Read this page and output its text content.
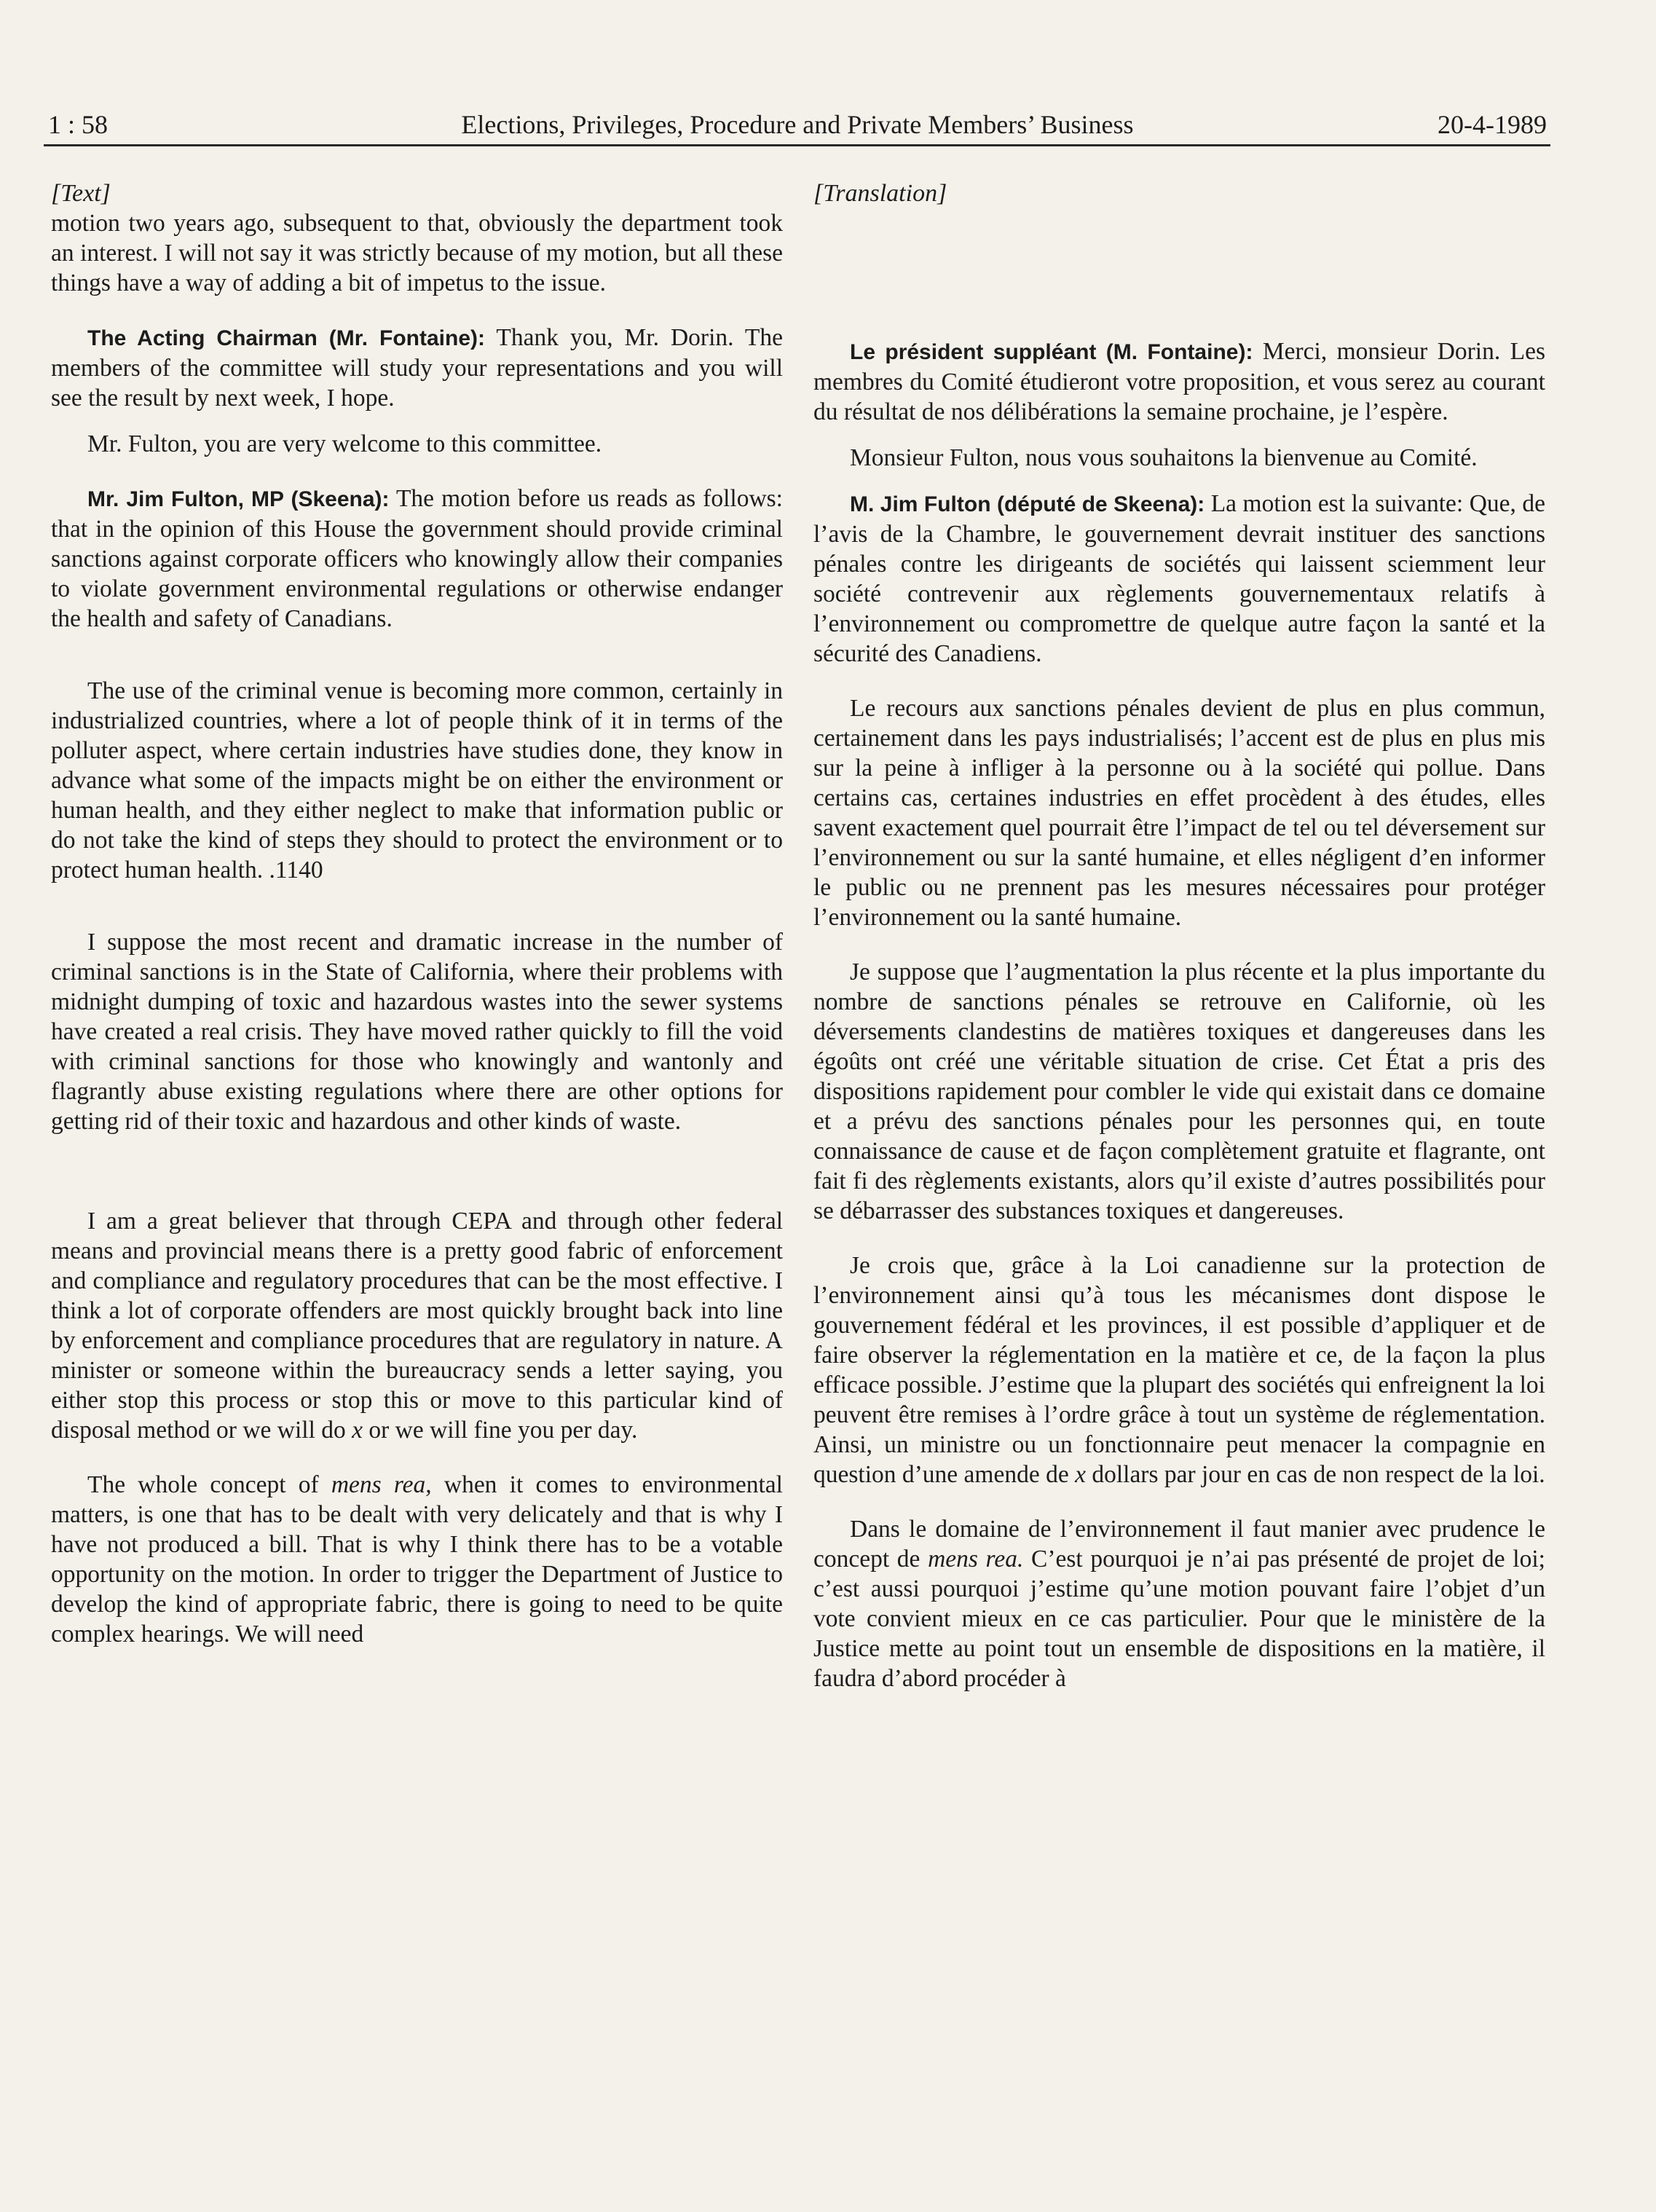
1 : 58	Elections, Privileges, Procedure and Private Members’ Business	20-4-1989
[Text]

motion two years ago, subsequent to that, obviously the department took an interest. I will not say it was strictly because of my motion, but all these things have a way of adding a bit of impetus to the issue.

The Acting Chairman (Mr. Fontaine): Thank you, Mr. Dorin. The members of the committee will study your representations and you will see the result by next week, I hope.

Mr. Fulton, you are very welcome to this committee.

Mr. Jim Fulton, MP (Skeena): The motion before us reads as follows: that in the opinion of this House the government should provide criminal sanctions against corporate officers who knowingly allow their companies to violate government environmental regulations or otherwise endanger the health and safety of Canadians.

The use of the criminal venue is becoming more common, certainly in industrialized countries, where a lot of people think of it in terms of the polluter aspect, where certain industries have studies done, they know in advance what some of the impacts might be on either the environment or human health, and they either neglect to make that information public or do not take the kind of steps they should to protect the environment or to protect human health. .1140

I suppose the most recent and dramatic increase in the number of criminal sanctions is in the State of California, where their problems with midnight dumping of toxic and hazardous wastes into the sewer systems have created a real crisis. They have moved rather quickly to fill the void with criminal sanctions for those who knowingly and wantonly and flagrantly abuse existing regulations where there are other options for getting rid of their toxic and hazardous and other kinds of waste.

I am a great believer that through CEPA and through other federal means and provincial means there is a pretty good fabric of enforcement and compliance and regulatory procedures that can be the most effective. I think a lot of corporate offenders are most quickly brought back into line by enforcement and compliance procedures that are regulatory in nature. A minister or someone within the bureaucracy sends a letter saying, you either stop this process or stop this or move to this particular kind of disposal method or we will do x or we will fine you per day.

The whole concept of mens rea, when it comes to environmental matters, is one that has to be dealt with very delicately and that is why I have not produced a bill. That is why I think there has to be a votable opportunity on the motion. In order to trigger the Department of Justice to develop the kind of appropriate fabric, there is going to need to be quite complex hearings. We will need

[Translation]

Le président suppléant (M. Fontaine): Merci, monsieur Dorin. Les membres du Comité étudieront votre proposition, et vous serez au courant du résultat de nos délibérations la semaine prochaine, je l’espère.

Monsieur Fulton, nous vous souhaitons la bienvenue au Comité.

M. Jim Fulton (député de Skeena): La motion est la suivante: Que, de l’avis de la Chambre, le gouvernement devrait instituer des sanctions pénales contre les dirigeants de sociétés qui laissent sciemment leur société contrevenir aux règlements gouvernementaux relatifs à l’environnement ou compromettre de quelque autre façon la santé et la sécurité des Canadiens.

Le recours aux sanctions pénales devient de plus en plus commun, certainement dans les pays industrialisés; l’accent est de plus en plus mis sur la peine à infliger à la personne ou à la société qui pollue. Dans certains cas, certaines industries en effet procèdent à des études, elles savent exactement quel pourrait être l’impact de tel ou tel déversement sur l’environnement ou sur la santé humaine, et elles négligent d’en informer le public ou ne prennent pas les mesures nécessaires pour protéger l’environnement ou la santé humaine.

Je suppose que l’augmentation la plus récente et la plus importante du nombre de sanctions pénales se retrouve en Californie, où les déversements clandestins de matières toxiques et dangereuses dans les égoûts ont créé une véritable situation de crise. Cet État a pris des dispositions rapidement pour combler le vide qui existait dans ce domaine et a prévu des sanctions pénales pour les personnes qui, en toute connaissance de cause et de façon complètement gratuite et flagrante, ont fait fi des règlements existants, alors qu’il existe d’autres possibilités pour se débarrasser des substances toxiques et dangereuses.

Je crois que, grâce à la Loi canadienne sur la protection de l’environnement ainsi qu’à tous les mécanismes dont dispose le gouvernement fédéral et les provinces, il est possible d’appliquer et de faire observer la réglementation en la matière et ce, de la façon la plus efficace possible. J’estime que la plupart des sociétés qui enfreignent la loi peuvent être remises à l’ordre grâce à tout un système de réglementation. Ainsi, un ministre ou un fonctionnaire peut menacer la compagnie en question d’une amende de x dollars par jour en cas de non respect de la loi.

Dans le domaine de l’environnement il faut manier avec prudence le concept de mens rea. C’est pourquoi je n’ai pas présenté de projet de loi; c’est aussi pourquoi j’estime qu’une motion pouvant faire l’objet d’un vote convient mieux en ce cas particulier. Pour que le ministère de la Justice mette au point tout un ensemble de dispositions en la matière, il faudra d’abord procéder à
